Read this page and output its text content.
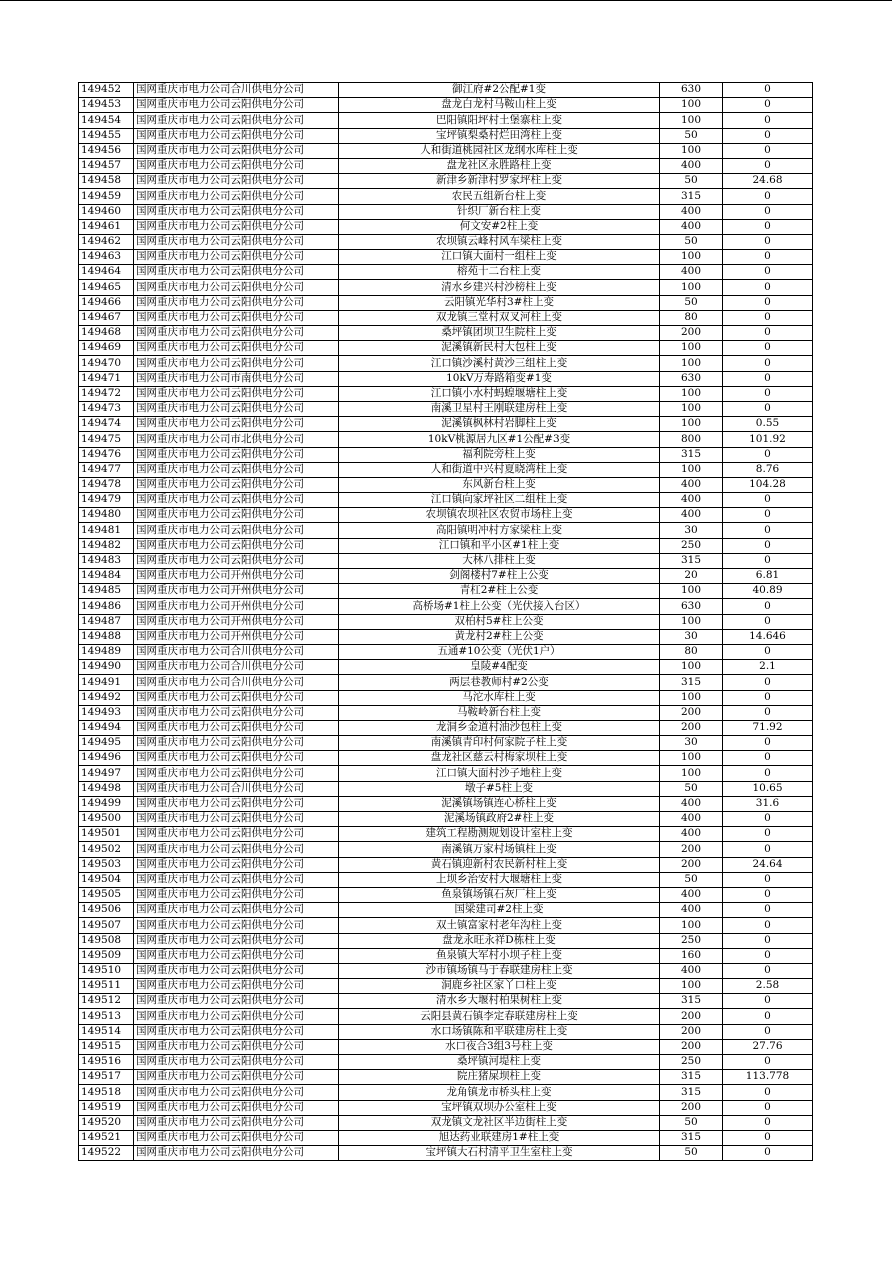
149452	国网重庆市电力公司合川供电分公司	御江府#2公配#1变	630	0
149453	国网重庆市电力公司云阳供电分公司	盘龙白龙村马鞍山柱上变	100	0
149454	国网重庆市电力公司云阳供电分公司	巴阳镇阳坪村土堡寨柱上变	100	0
149455	国网重庆市电力公司云阳供电分公司	宝坪镇梨桑村烂田湾柱上变	50	0
149456	国网重庆市电力公司云阳供电分公司	人和街道桃园社区龙纲水库柱上变	100	0
149457	国网重庆市电力公司云阳供电分公司	盘龙社区永胜路柱上变	400	0
149458	国网重庆市电力公司云阳供电分公司	新津乡新津村罗家坪柱上变	50	24.68
149459	国网重庆市电力公司云阳供电分公司	农民五组新台柱上变	315	0
149460	国网重庆市电力公司云阳供电分公司	针织厂新台柱上变	400	0
149461	国网重庆市电力公司云阳供电分公司	何文安#2柱上变	400	0
149462	国网重庆市电力公司云阳供电分公司	农坝镇云峰村风车梁柱上变	50	0
149463	国网重庆市电力公司云阳供电分公司	江口镇大面村一组柱上变	100	0
149464	国网重庆市电力公司云阳供电分公司	榕苑十二台柱上变	400	0
149465	国网重庆市电力公司云阳供电分公司	清水乡建兴村沙榜柱上变	100	0
149466	国网重庆市电力公司云阳供电分公司	云阳镇光华村3#柱上变	50	0
149467	国网重庆市电力公司云阳供电分公司	双龙镇三堂村双叉河柱上变	80	0
149468	国网重庆市电力公司云阳供电分公司	桑坪镇团坝卫生院柱上变	200	0
149469	国网重庆市电力公司云阳供电分公司	泥溪镇新民村大包柱上变	100	0
149470	国网重庆市电力公司云阳供电分公司	江口镇沙溪村黄沙三组柱上变	100	0
149471	国网重庆市电力公司市南供电分公司	10kV万寿路箱变#1变	630	0
149472	国网重庆市电力公司云阳供电分公司	江口镇小水村蚂蝗堰塘柱上变	100	0
149473	国网重庆市电力公司云阳供电分公司	南溪卫星村王刚联建房柱上变	100	0
149474	国网重庆市电力公司云阳供电分公司	泥溪镇枫林村岩脚柱上变	100	0.55
149475	国网重庆市电力公司市北供电分公司	10kV桃源居九区#1公配#3变	800	101.92
149476	国网重庆市电力公司云阳供电分公司	福利院旁柱上变	315	0
149477	国网重庆市电力公司云阳供电分公司	人和街道中兴村夏晓湾柱上变	100	8.76
149478	国网重庆市电力公司云阳供电分公司	东风新台柱上变	400	104.28
149479	国网重庆市电力公司云阳供电分公司	江口镇向家坪社区二组柱上变	400	0
149480	国网重庆市电力公司云阳供电分公司	农坝镇农坝社区农贸市场柱上变	400	0
149481	国网重庆市电力公司云阳供电分公司	高阳镇明冲村方家梁柱上变	30	0
149482	国网重庆市电力公司云阳供电分公司	江口镇和平小区#1柱上变	250	0
149483	国网重庆市电力公司云阳供电分公司	大林八排柱上变	315	0
149484	国网重庆市电力公司开州供电分公司	剑阁楼村7#柱上公变	20	6.81
149485	国网重庆市电力公司开州供电分公司	青杠2#柱上公变	100	40.89
149486	国网重庆市电力公司开州供电分公司	高桥场#1柱上公变（光伏接入台区）	630	0
149487	国网重庆市电力公司开州供电分公司	双柏村5#柱上公变	100	0
149488	国网重庆市电力公司开州供电分公司	黄龙村2#柱上公变	30	14.646
149489	国网重庆市电力公司合川供电分公司	五通#10公变（光伏1户）	80	0
149490	国网重庆市电力公司合川供电分公司	皇陵#4配变	100	2.1
149491	国网重庆市电力公司合川供电分公司	两层巷教师村#2公变	315	0
149492	国网重庆市电力公司云阳供电分公司	马沱水库柱上变	100	0
149493	国网重庆市电力公司云阳供电分公司	马鞍岭新台柱上变	200	0
149494	国网重庆市电力公司云阳供电分公司	龙洞乡金道村油沙包柱上变	200	71.92
149495	国网重庆市电力公司云阳供电分公司	南溪镇青印村何家院子柱上变	30	0
149496	国网重庆市电力公司云阳供电分公司	盘龙社区慈云村梅家坝柱上变	100	0
149497	国网重庆市电力公司云阳供电分公司	江口镇大面村沙子地柱上变	100	0
149498	国网重庆市电力公司合川供电分公司	墩子#5柱上变	50	10.65
149499	国网重庆市电力公司云阳供电分公司	泥溪镇场镇连心桥柱上变	400	31.6
149500	国网重庆市电力公司云阳供电分公司	泥溪场镇政府2#柱上变	400	0
149501	国网重庆市电力公司云阳供电分公司	建筑工程勘测规划设计室柱上变	400	0
149502	国网重庆市电力公司云阳供电分公司	南溪镇万家村场镇柱上变	200	0
149503	国网重庆市电力公司云阳供电分公司	黄石镇迎新村农民新村柱上变	200	24.64
149504	国网重庆市电力公司云阳供电分公司	上坝乡治安村大堰塘柱上变	50	0
149505	国网重庆市电力公司云阳供电分公司	鱼泉镇场镇石灰厂柱上变	400	0
149506	国网重庆市电力公司云阳供电分公司	国梁建司#2柱上变	400	0
149507	国网重庆市电力公司云阳供电分公司	双土镇富家村老年沟柱上变	100	0
149508	国网重庆市电力公司云阳供电分公司	盘龙永旺永祥D栋柱上变	250	0
149509	国网重庆市电力公司云阳供电分公司	鱼泉镇大军村小坝子柱上变	160	0
149510	国网重庆市电力公司云阳供电分公司	沙市镇场镇马于春联建房柱上变	400	0
149511	国网重庆市电力公司云阳供电分公司	洞鹿乡社区家丫口柱上变	100	2.58
149512	国网重庆市电力公司云阳供电分公司	清水乡大堰村柏果树柱上变	315	0
149513	国网重庆市电力公司云阳供电分公司	云阳县黄石镇李定春联建房柱上变	200	0
149514	国网重庆市电力公司云阳供电分公司	水口场镇陈和平联建房柱上变	200	0
149515	国网重庆市电力公司云阳供电分公司	水口夜合3组3号柱上变	200	27.76
149516	国网重庆市电力公司云阳供电分公司	桑坪镇河堤柱上变	250	0
149517	国网重庆市电力公司云阳供电分公司	院庄猪屎坝柱上变	315	113.778
149518	国网重庆市电力公司云阳供电分公司	龙角镇龙市桥头柱上变	315	0
149519	国网重庆市电力公司云阳供电分公司	宝坪镇双坝办公室柱上变	200	0
149520	国网重庆市电力公司云阳供电分公司	双龙镇文龙社区半边街柱上变	50	0
149521	国网重庆市电力公司云阳供电分公司	旭达药业联建房1#柱上变	315	0
149522	国网重庆市电力公司云阳供电分公司	宝坪镇大石村清平卫生室柱上变	50	0
